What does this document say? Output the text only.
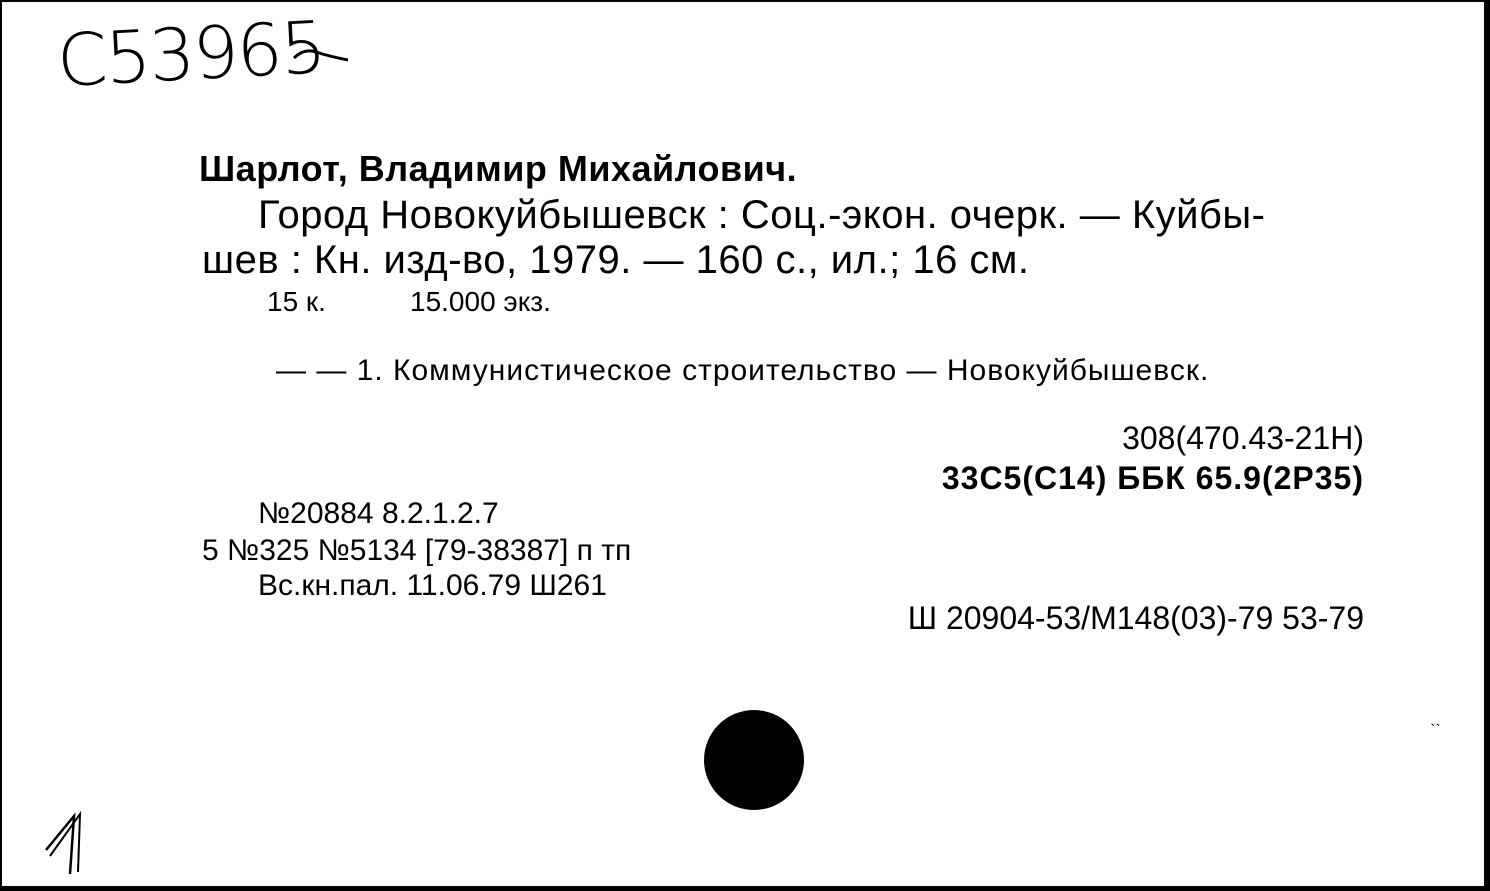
C53965
Шарлот, Владимир Михайлович.
Город Новокуйбышевск : Соц.-экон. очерк. — Куйбы-
шев : Кн. изд-во, 1979. — 160 с., ил.; 16 см.
15 к.	15.000 экз.
— — 1. Коммунистическое строительство — Новокуйбышевск.
308(470.43-21Н)
33С5(С14) ББК 65.9(2Р35)
№20884 8.2.1.2.7
5 №325 №5134 [79-38387] п тп
Вс.кн.пал. 11.06.79 Ш261
Ш 20904-53/М148(03)-79 53-79
˴˴
